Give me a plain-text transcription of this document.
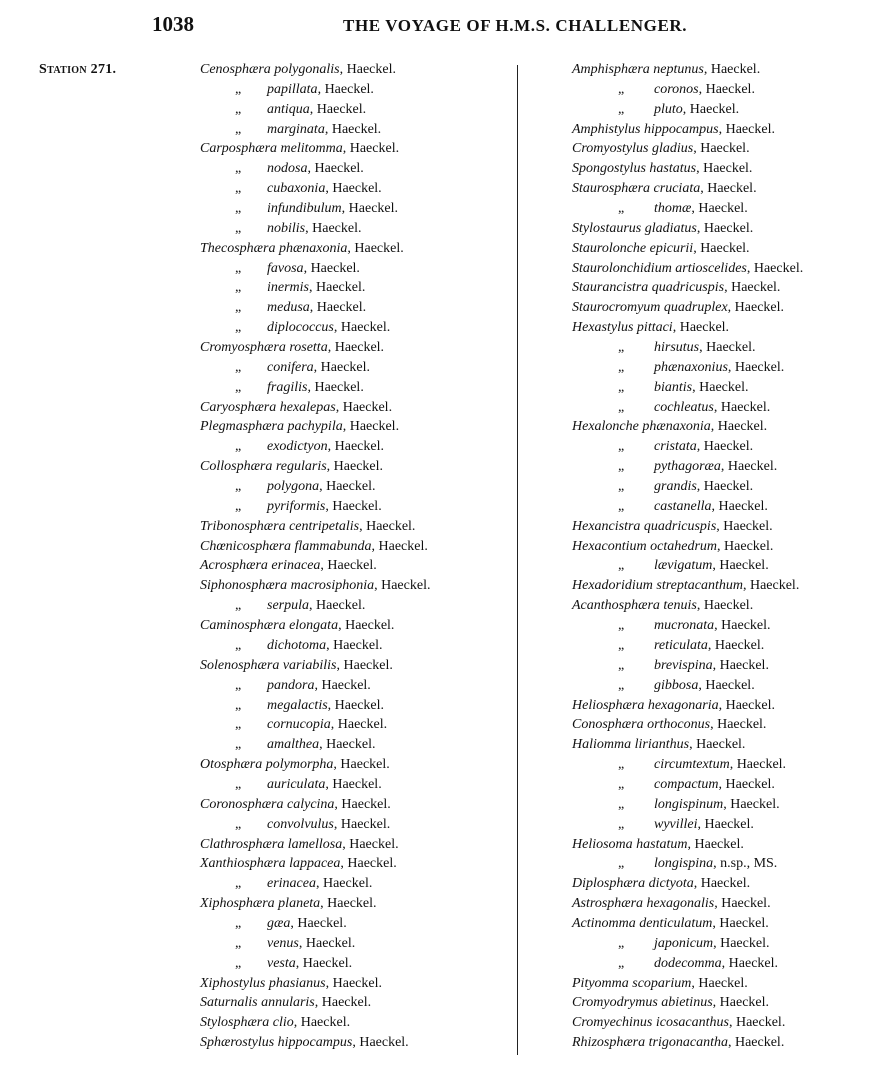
1038	THE VOYAGE OF H.M.S. CHALLENGER.
Station 271.	Cenosphæra polygonalis, Haeckel.
„ papillata, Haeckel.
„ antiqua, Haeckel.
„ marginata, Haeckel.
Carposphæra melitomma, Haeckel.
„ nodosa, Haeckel.
„ cubaxonia, Haeckel.
„ infundibulum, Haeckel.
„ nobilis, Haeckel.
Thecosphæra phænaxonia, Haeckel.
„ favosa, Haeckel.
„ inermis, Haeckel.
„ medusa, Haeckel.
„ diplococcus, Haeckel.
Cromyosphæra rosetta, Haeckel.
„ conifera, Haeckel.
„ fragilis, Haeckel.
Caryosphæra hexalepas, Haeckel.
Plegmasphæra pachypila, Haeckel.
„ exodictyon, Haeckel.
Collosphæra regularis, Haeckel.
„ polygona, Haeckel.
„ pyriformis, Haeckel.
Tribonosphæra centripetalis, Haeckel.
Chœnicosphæra flammabunda, Haeckel.
Acrosphæra erinacea, Haeckel.
Siphonosphæra macrosiphonia, Haeckel.
„ serpula, Haeckel.
Caminosphæra elongata, Haeckel.
„ dichotoma, Haeckel.
Solenosphæra variabilis, Haeckel.
„ pandora, Haeckel.
„ megalactis, Haeckel.
„ cornucopia, Haeckel.
„ amalthea, Haeckel.
Otosphæra polymorpha, Haeckel.
„ auriculata, Haeckel.
Coronosphæra calycina, Haeckel.
„ convolvulus, Haeckel.
Clathrosphæra lamellosa, Haeckel.
Xanthiosphæra lappacea, Haeckel.
„ erinacea, Haeckel.
Xiphosphæra planeta, Haeckel.
„ gæa, Haeckel.
„ venus, Haeckel.
„ vesta, Haeckel.
Xiphostylus phasianus, Haeckel.
Saturnalis annularis, Haeckel.
Stylosphæra clio, Haeckel.
Sphærostylus hippocampus, Haeckel.
Amphisphæra neptunus, Haeckel.
„ coronos, Haeckel.
„ pluto, Haeckel.
Amphistylus hippocampus, Haeckel.
Cromyostylus gladius, Haeckel.
Spongostylus hastatus, Haeckel.
Staurosphæra cruciata, Haeckel.
„ thomæ, Haeckel.
Stylostaurus gladiatus, Haeckel.
Staurolonche epicurii, Haeckel.
Staurolonchidium artioscelides, Haeckel.
Staurancistra quadricuspis, Haeckel.
Staurocromyum quadruplex, Haeckel.
Hexastylus pittaci, Haeckel.
„ hirsutus, Haeckel.
„ phænaxonius, Haeckel.
„ biantis, Haeckel.
„ cochleatus, Haeckel.
Hexalonche phænaxonia, Haeckel.
„ cristata, Haeckel.
„ pythagoræa, Haeckel.
„ grandis, Haeckel.
„ castanella, Haeckel.
Hexancistra quadricuspis, Haeckel.
Hexacontium octahedrum, Haeckel.
„ lævigatum, Haeckel.
Hexadoridium streptacanthum, Haeckel.
Acanthosphæra tenuis, Haeckel.
„ mucronata, Haeckel.
„ reticulata, Haeckel.
„ brevispina, Haeckel.
„ gibbosa, Haeckel.
Heliosphæra hexagonaria, Haeckel.
Conosphæra orthoconus, Haeckel.
Haliomma lirianthus, Haeckel.
„ circumtextum, Haeckel.
„ compactum, Haeckel.
„ longispinum, Haeckel.
„ wyvillei, Haeckel.
Heliosoma hastatum, Haeckel.
„ longispina, n.sp., MS.
Diplosphæra dictyota, Haeckel.
Astrosphæra hexagonalis, Haeckel.
Actinomma denticulatum, Haeckel.
„ japonicum, Haeckel.
„ dodecomma, Haeckel.
Pityomma scoparium, Haeckel.
Cromyodrymus abietinus, Haeckel.
Cromyechinus icosacanthus, Haeckel.
Rhizosphæra trigonacantha, Haeckel.
